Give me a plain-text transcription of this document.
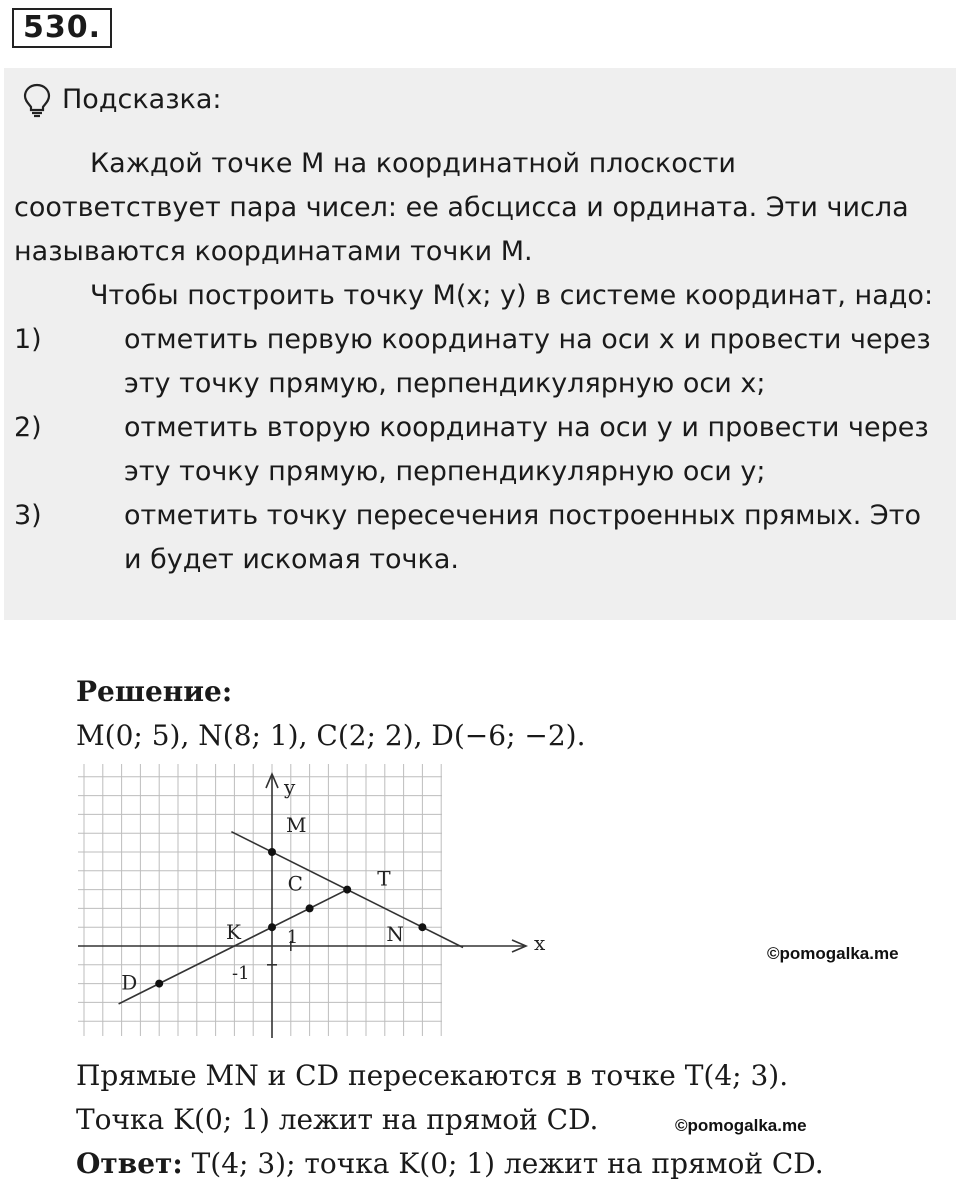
530.
Подсказка:

Каждой точке M на координатной плоскости соответствует пара чисел: ее абсцисса и ордината. Эти числа называются координатами точки M.

Чтобы построить точку M(x; y) в системе координат, надо:

1)	отметить первую координату на оси x и провести через эту точку прямую, перпендикулярную оси x;
2)	отметить вторую координату на оси y и провести через эту точку прямую, перпендикулярную оси y;
3)	отметить точку пересечения построенных прямых. Это и будет искомая точка.
Решение:
M(0; 5), N(8; 1), C(2; 2), D(−6; −2).
M
N
C
D
T
K	x
y
1
-1
©pomogalka.me
Прямые MN и CD пересекаются в точке T(4; 3).
Точка K(0; 1) лежит на прямой CD.	©pomogalka.me
Ответ: T(4; 3); точка K(0; 1) лежит на прямой CD.
